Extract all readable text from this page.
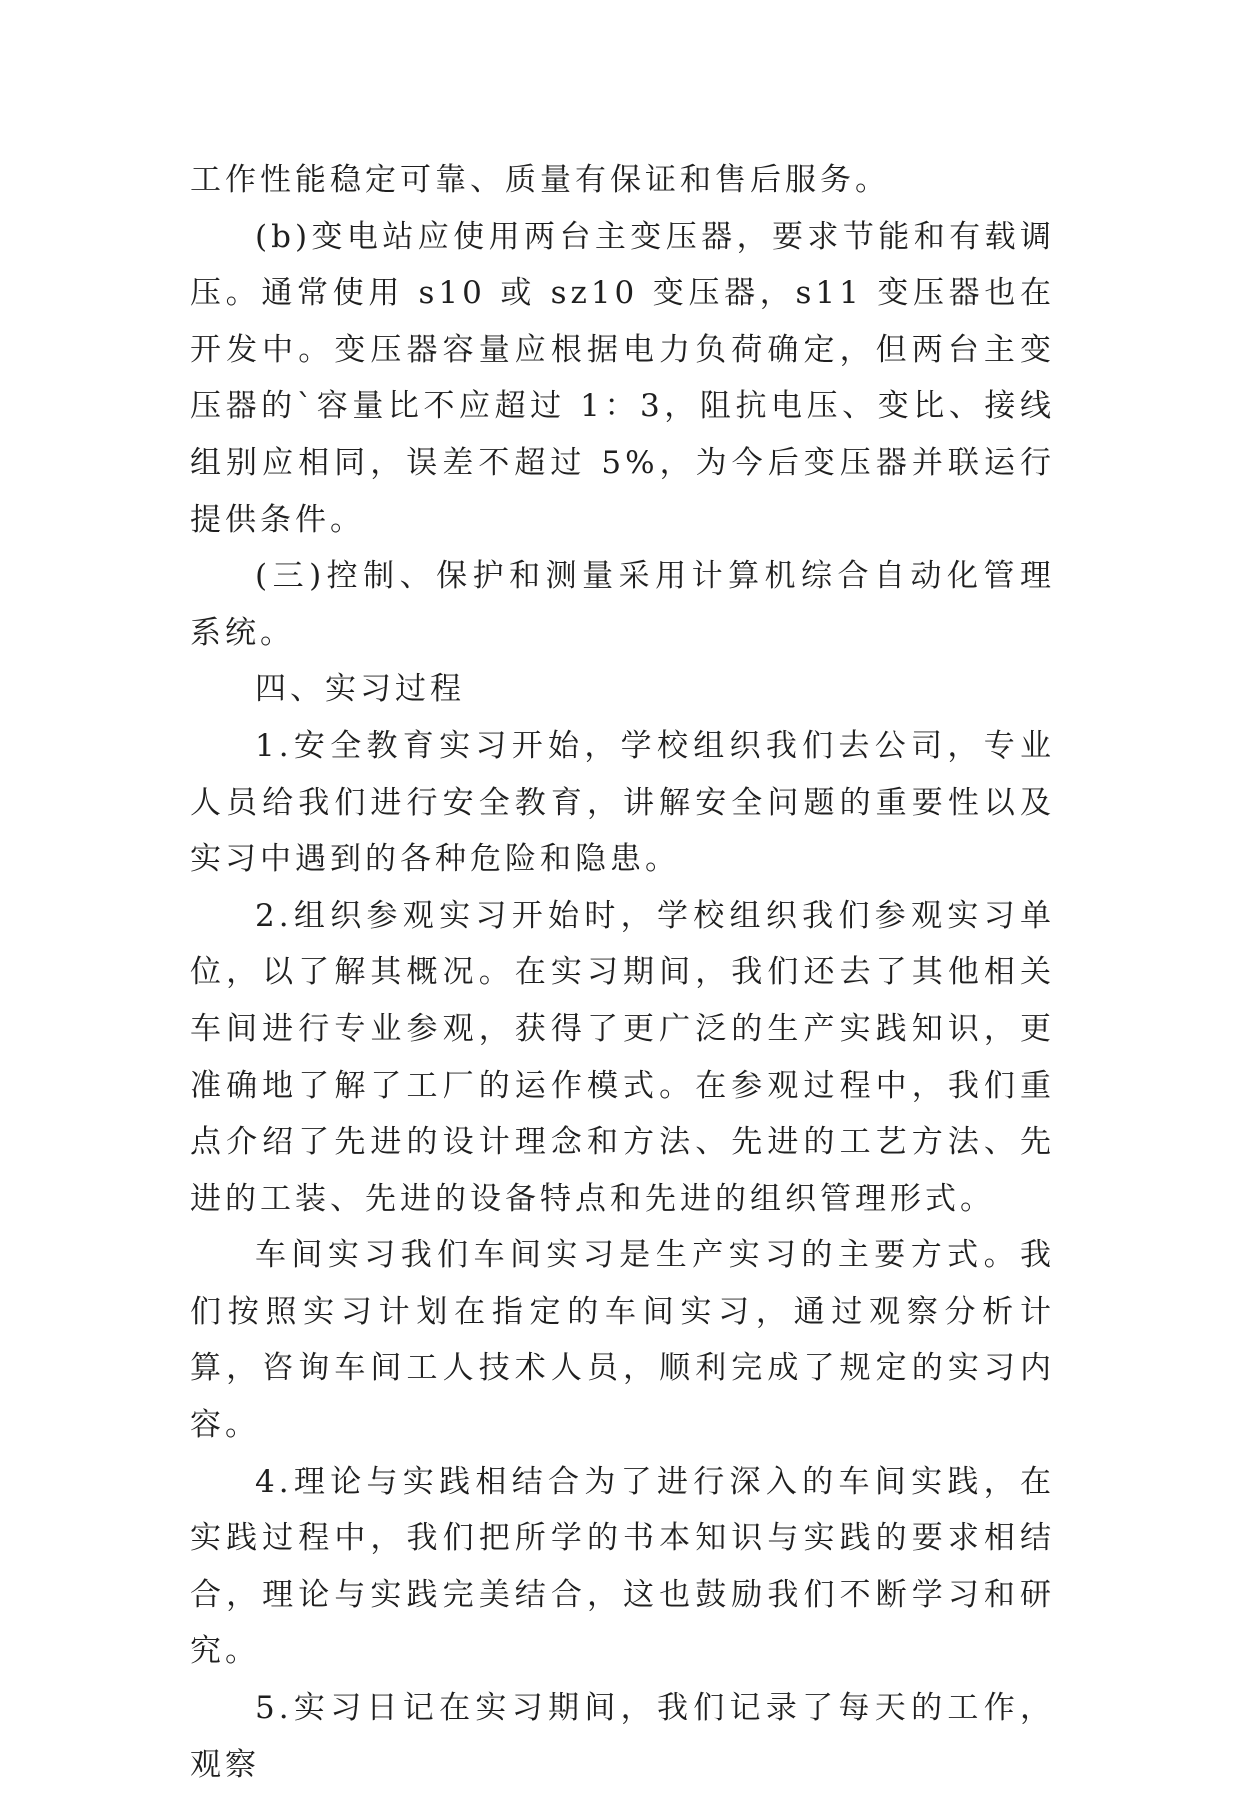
工作性能稳定可靠、质量有保证和售后服务。

(b)变电站应使用两台主变压器，要求节能和有载调压。通常使用 s10 或 sz10 变压器，s11 变压器也在开发中。变压器容量应根据电力负荷确定，但两台主变压器的`容量比不应超过 1：3，阻抗电压、变比、接线组别应相同，误差不超过 5%，为今后变压器并联运行提供条件。

(三)控制、保护和测量采用计算机综合自动化管理系统。

四、实习过程

1.安全教育实习开始，学校组织我们去公司，专业人员给我们进行安全教育，讲解安全问题的重要性以及实习中遇到的各种危险和隐患。

2.组织参观实习开始时，学校组织我们参观实习单位，以了解其概况。在实习期间，我们还去了其他相关车间进行专业参观，获得了更广泛的生产实践知识，更准确地了解了工厂的运作模式。在参观过程中，我们重点介绍了先进的设计理念和方法、先进的工艺方法、先进的工装、先进的设备特点和先进的组织管理形式。

车间实习我们车间实习是生产实习的主要方式。我们按照实习计划在指定的车间实习，通过观察分析计算，咨询车间工人技术人员，顺利完成了规定的实习内容。

4.理论与实践相结合为了进行深入的车间实践，在实践过程中，我们把所学的书本知识与实践的要求相结合，理论与实践完美结合，这也鼓励我们不断学习和研究。

5.实习日记在实习期间，我们记录了每天的工作，观察
